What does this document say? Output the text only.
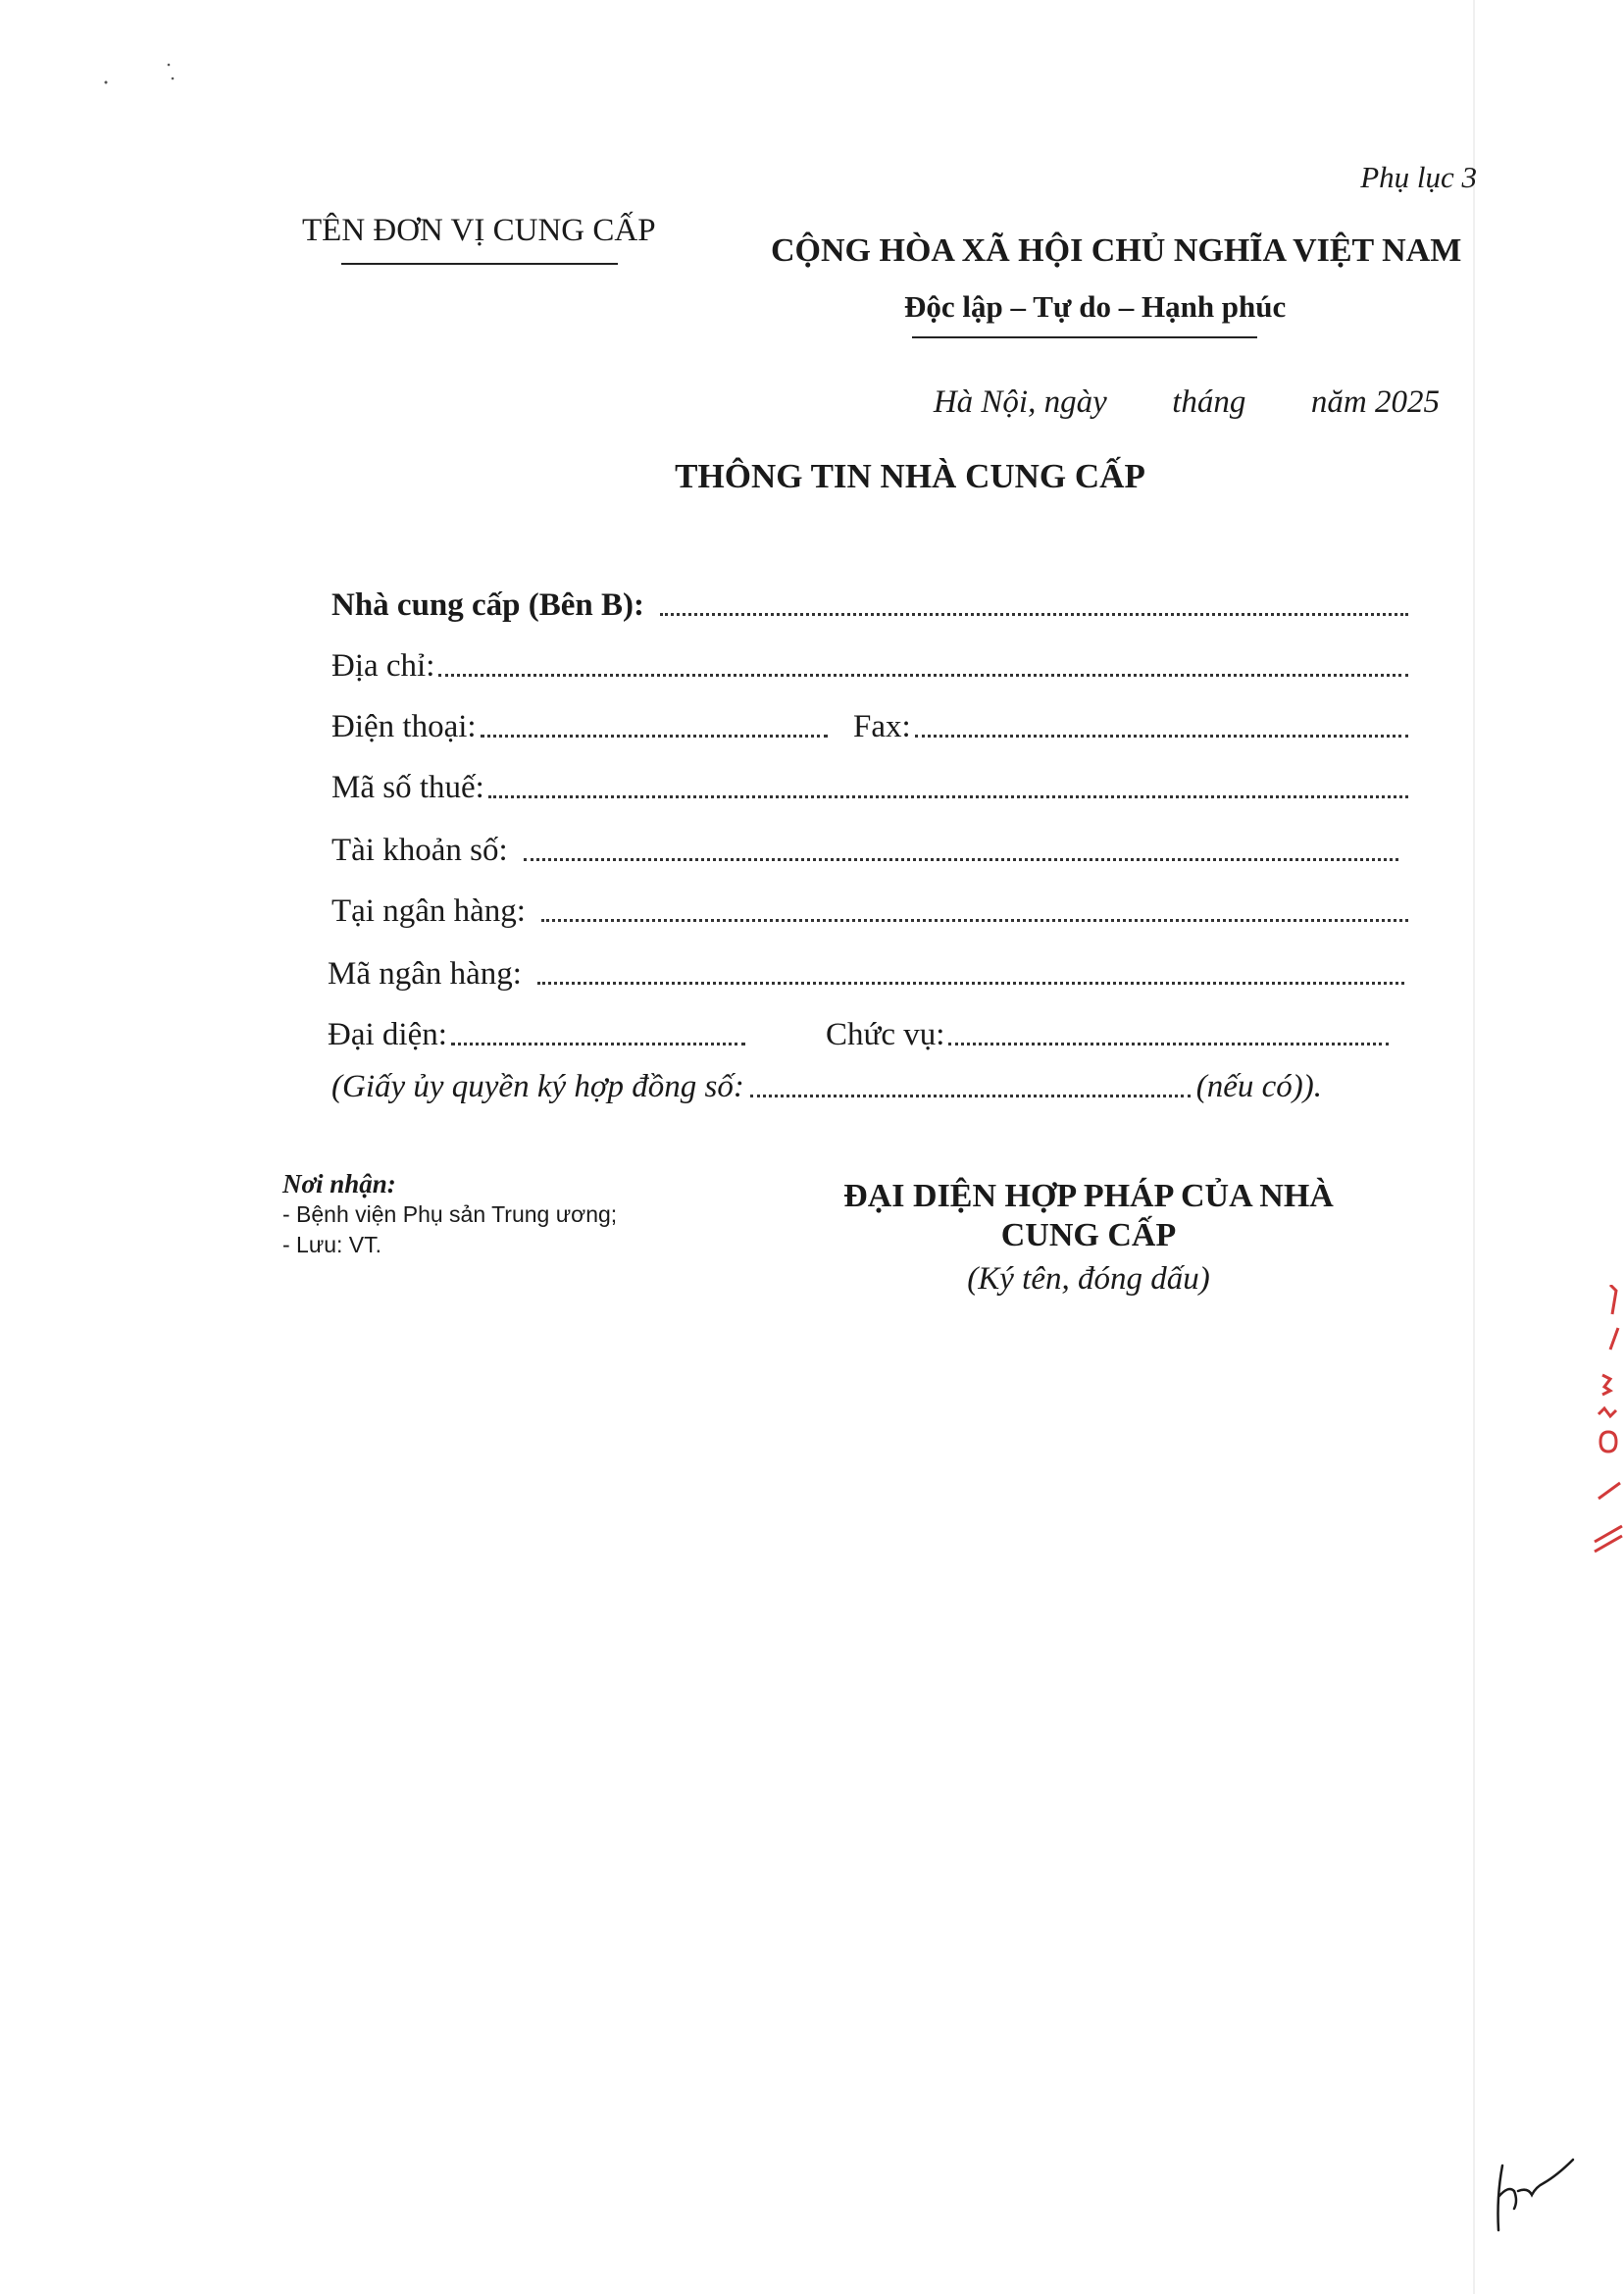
Phụ lục 3
TÊN ĐƠN VỊ CUNG CẤP
CỘNG HÒA XÃ HỘI CHỦ NGHĨA VIỆT NAM
Độc lập – Tự do – Hạnh phúc
Hà Nội, ngày tháng năm 2025
THÔNG TIN NHÀ CUNG CẤP
Nhà cung cấp (Bên B):
Địa chỉ:
Điện thoại:	Fax:
Mã số thuế:
Tài khoản số:
Tại ngân hàng:
Mã ngân hàng:
Đại diện:	Chức vụ:
(Giấy ủy quyền ký hợp đồng số:	(nếu có)).
Nơi nhận:
- Bệnh viện Phụ sản Trung ương;
- Lưu: VT.
ĐẠI DIỆN HỢP PHÁP CỦA NHÀ CUNG CẤP
(Ký tên, đóng dấu)
